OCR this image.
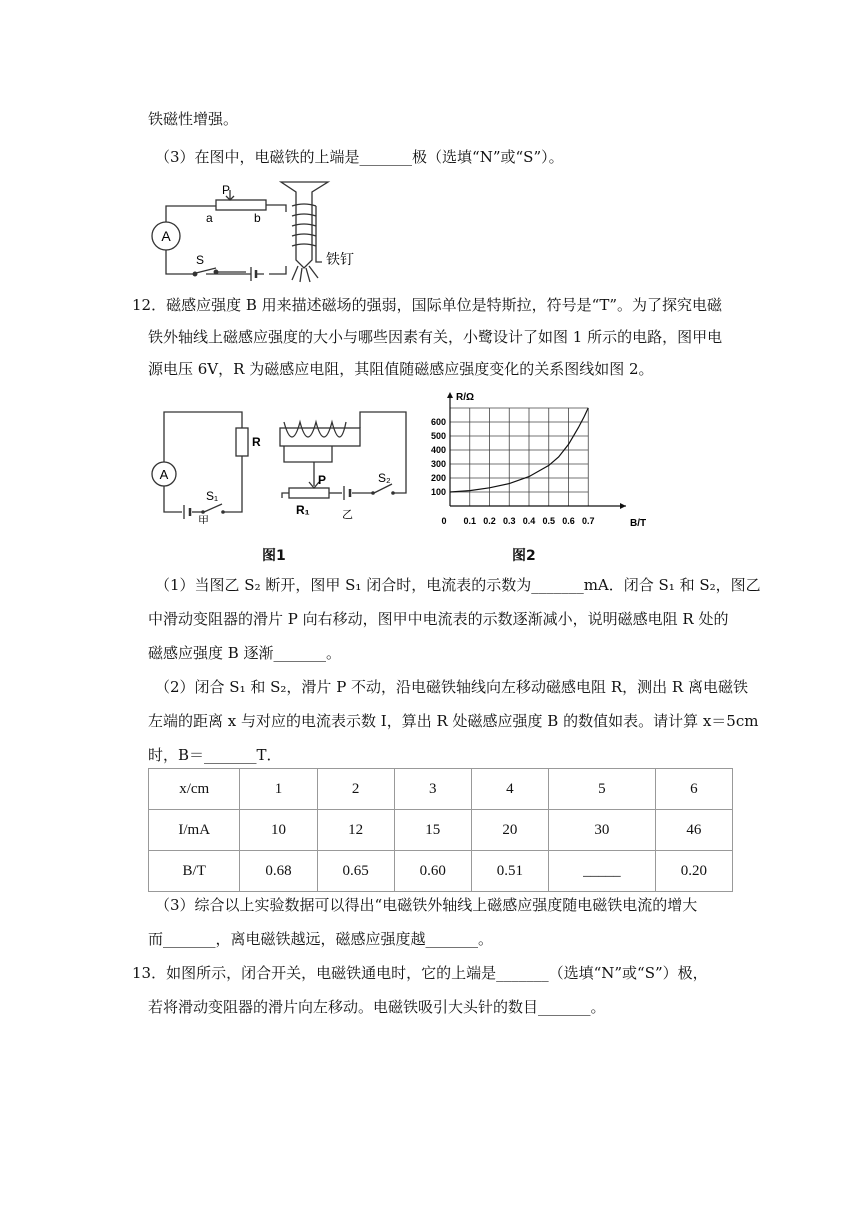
铁磁性增强。
（3）在图中，电磁铁的上端是_______极（选填“N”或“S”）。
A
P
a	b
S	铁钉
12．磁感应强度 B 用来描述磁场的强弱，国际单位是特斯拉，符号是“T”。为了探究电磁
铁外轴线上磁感应强度的大小与哪些因素有关，小鹭设计了如图 1 所示的电路，图甲电
源电压 6V，R 为磁感应电阻，其阻值随磁感应强度变化的关系图线如图 2。
A
R
S₁
甲
P
R₁
S₂
乙
图1
0 0.1 0.2 0.3 0.4 0.5 0.6 0.7
100
200
300
400
500
600
B/T
R/Ω
图2
（1）当图乙 S₂ 断开，图甲 S₁ 闭合时，电流表的示数为_______mA．闭合 S₁ 和 S₂，图乙
中滑动变阻器的滑片 P 向右移动，图甲中电流表的示数逐渐减小，说明磁感电阻 R 处的
磁感应强度 B 逐渐_______。
（2）闭合 S₁ 和 S₂，滑片 P 不动，沿电磁铁轴线向左移动磁感电阻 R，测出 R 离电磁铁
左端的距离 x 与对应的电流表示数 I，算出 R 处磁感应强度 B 的数值如表。请计算 x＝5cm
时，B＝_______T．
x/cm	1	2	3	4	5	6
I/mA	10	12	15	20	30	46
B/T	0.68	0.65	0.60	0.51	_____	0.20
（3）综合以上实验数据可以得出“电磁铁外轴线上磁感应强度随电磁铁电流的增大
而_______，离电磁铁越远，磁感应强度越_______。
13．如图所示，闭合开关，电磁铁通电时，它的上端是_______（选填“N”或“S”）极，
若将滑动变阻器的滑片向左移动。电磁铁吸引大头针的数目_______。
